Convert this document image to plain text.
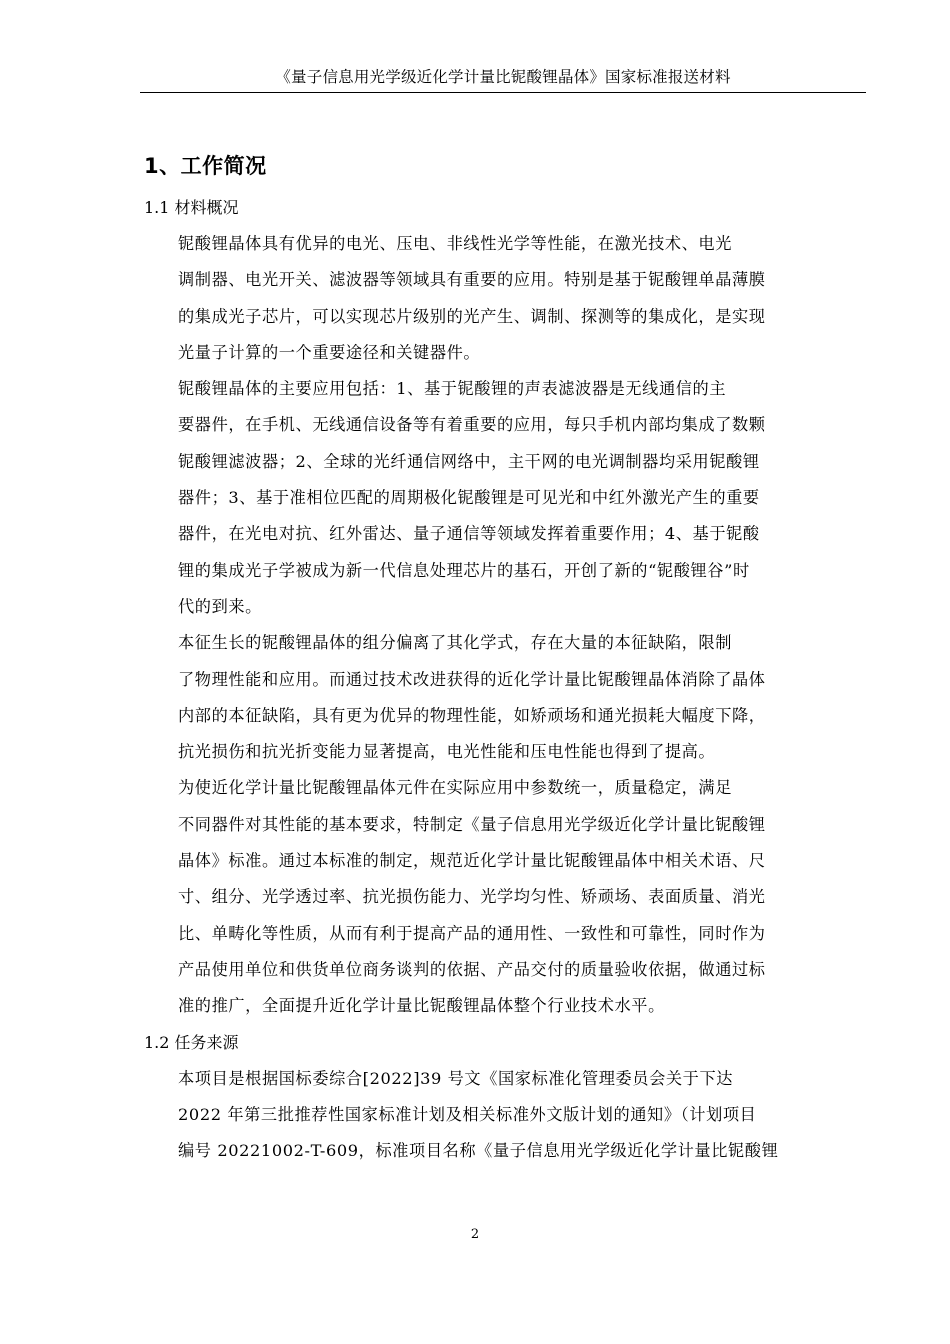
《量子信息用光学级近化学计量比铌酸锂晶体》国家标准报送材料
1、工作简况
1.1 材料概况

铌酸锂晶体具有优异的电光、压电、非线性光学等性能，在激光技术、电光
调制器、电光开关、滤波器等领域具有重要的应用。特别是基于铌酸锂单晶薄膜
的集成光子芯片，可以实现芯片级别的光产生、调制、探测等的集成化，是实现
光量子计算的一个重要途径和关键器件。

铌酸锂晶体的主要应用包括：1、基于铌酸锂的声表滤波器是无线通信的主
要器件，在手机、无线通信设备等有着重要的应用，每只手机内部均集成了数颗
铌酸锂滤波器；2、全球的光纤通信网络中，主干网的电光调制器均采用铌酸锂
器件；3、基于准相位匹配的周期极化铌酸锂是可见光和中红外激光产生的重要
器件，在光电对抗、红外雷达、量子通信等领域发挥着重要作用；4、基于铌酸
锂的集成光子学被成为新一代信息处理芯片的基石，开创了新的“铌酸锂谷”时
代的到来。

本征生长的铌酸锂晶体的组分偏离了其化学式，存在大量的本征缺陷，限制
了物理性能和应用。而通过技术改进获得的近化学计量比铌酸锂晶体消除了晶体
内部的本征缺陷，具有更为优异的物理性能，如矫顽场和通光损耗大幅度下降，
抗光损伤和抗光折变能力显著提高，电光性能和压电性能也得到了提高。

为使近化学计量比铌酸锂晶体元件在实际应用中参数统一，质量稳定，满足
不同器件对其性能的基本要求，特制定《量子信息用光学级近化学计量比铌酸锂
晶体》标准。通过本标准的制定，规范近化学计量比铌酸锂晶体中相关术语、尺
寸、组分、光学透过率、抗光损伤能力、光学均匀性、矫顽场、表面质量、消光
比、单畴化等性质，从而有利于提高产品的通用性、一致性和可靠性，同时作为
产品使用单位和供货单位商务谈判的依据、产品交付的质量验收依据，做通过标
准的推广，全面提升近化学计量比铌酸锂晶体整个行业技术水平。

1.2 任务来源

本项目是根据国标委综合[2022]39 号文《国家标准化管理委员会关于下达
2022 年第三批推荐性国家标准计划及相关标准外文版计划的通知》（计划项目
编号 20221002-T-609，标准项目名称《量子信息用光学级近化学计量比铌酸锂

2
